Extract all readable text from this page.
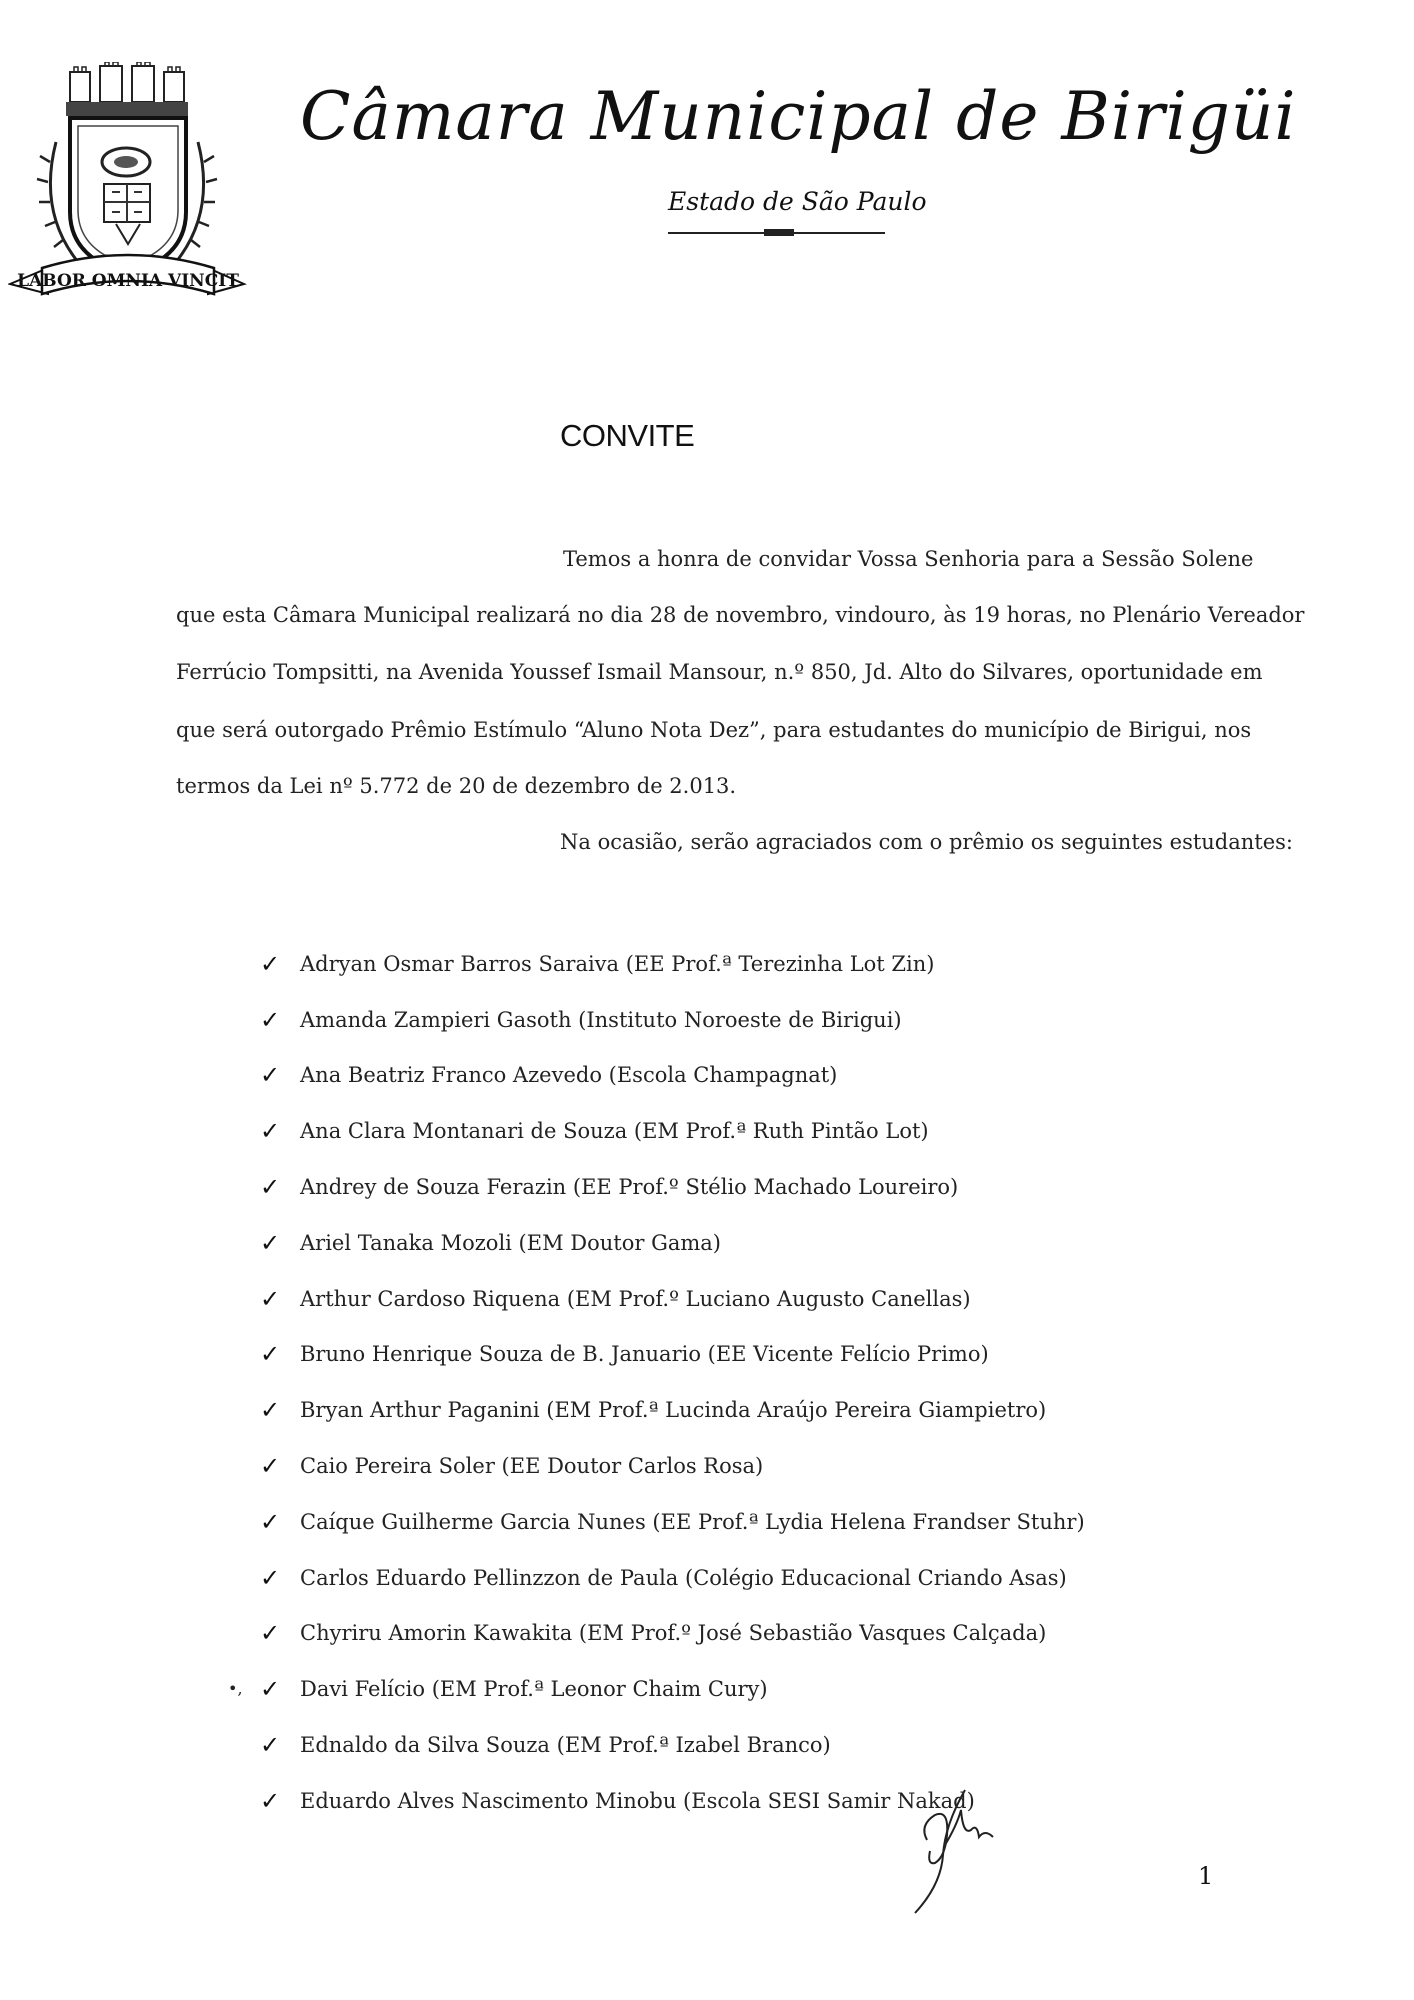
LABOR OMNIA VINCIT
Câmara Municipal de Birigüi
Estado de São Paulo
CONVITE
Temos a honra de convidar Vossa Senhoria para a Sessão Solene
que esta Câmara Municipal realizará no dia 28 de novembro, vindouro, às 19 horas, no Plenário Vereador
Ferrúcio Tompsitti, na Avenida Youssef Ismail Mansour, n.º 850, Jd. Alto do Silvares, oportunidade em
que será outorgado Prêmio Estímulo “Aluno Nota Dez”, para estudantes do município de Birigui, nos
termos da Lei nº 5.772 de 20 de dezembro de 2.013.
Na ocasião, serão agraciados com o prêmio os seguintes estudantes:
✓ Adryan Osmar Barros Saraiva (EE Prof.ª Terezinha Lot Zin)
✓ Amanda Zampieri Gasoth (Instituto Noroeste de Birigui)
✓ Ana Beatriz Franco Azevedo (Escola Champagnat)
✓ Ana Clara Montanari de Souza (EM Prof.ª Ruth Pintão Lot)
✓ Andrey de Souza Ferazin (EE Prof.º Stélio Machado Loureiro)
✓ Ariel Tanaka Mozoli (EM Doutor Gama)
✓ Arthur Cardoso Riquena (EM Prof.º Luciano Augusto Canellas)
✓ Bruno Henrique Souza de B. Januario (EE Vicente Felício Primo)
✓ Bryan Arthur Paganini (EM Prof.ª Lucinda Araújo Pereira Giampietro)
✓ Caio Pereira Soler (EE Doutor Carlos Rosa)
✓ Caíque Guilherme Garcia Nunes (EE Prof.ª Lydia Helena Frandser Stuhr)
✓ Carlos Eduardo Pellinzzon de Paula (Colégio Educacional Criando Asas)
✓ Chyriru Amorin Kawakita (EM Prof.º José Sebastião Vasques Calçada)
✓ Davi Felício (EM Prof.ª Leonor Chaim Cury)
✓ Ednaldo da Silva Souza (EM Prof.ª Izabel Branco)
✓ Eduardo Alves Nascimento Minobu (Escola SESI Samir Nakad)
•,
1
